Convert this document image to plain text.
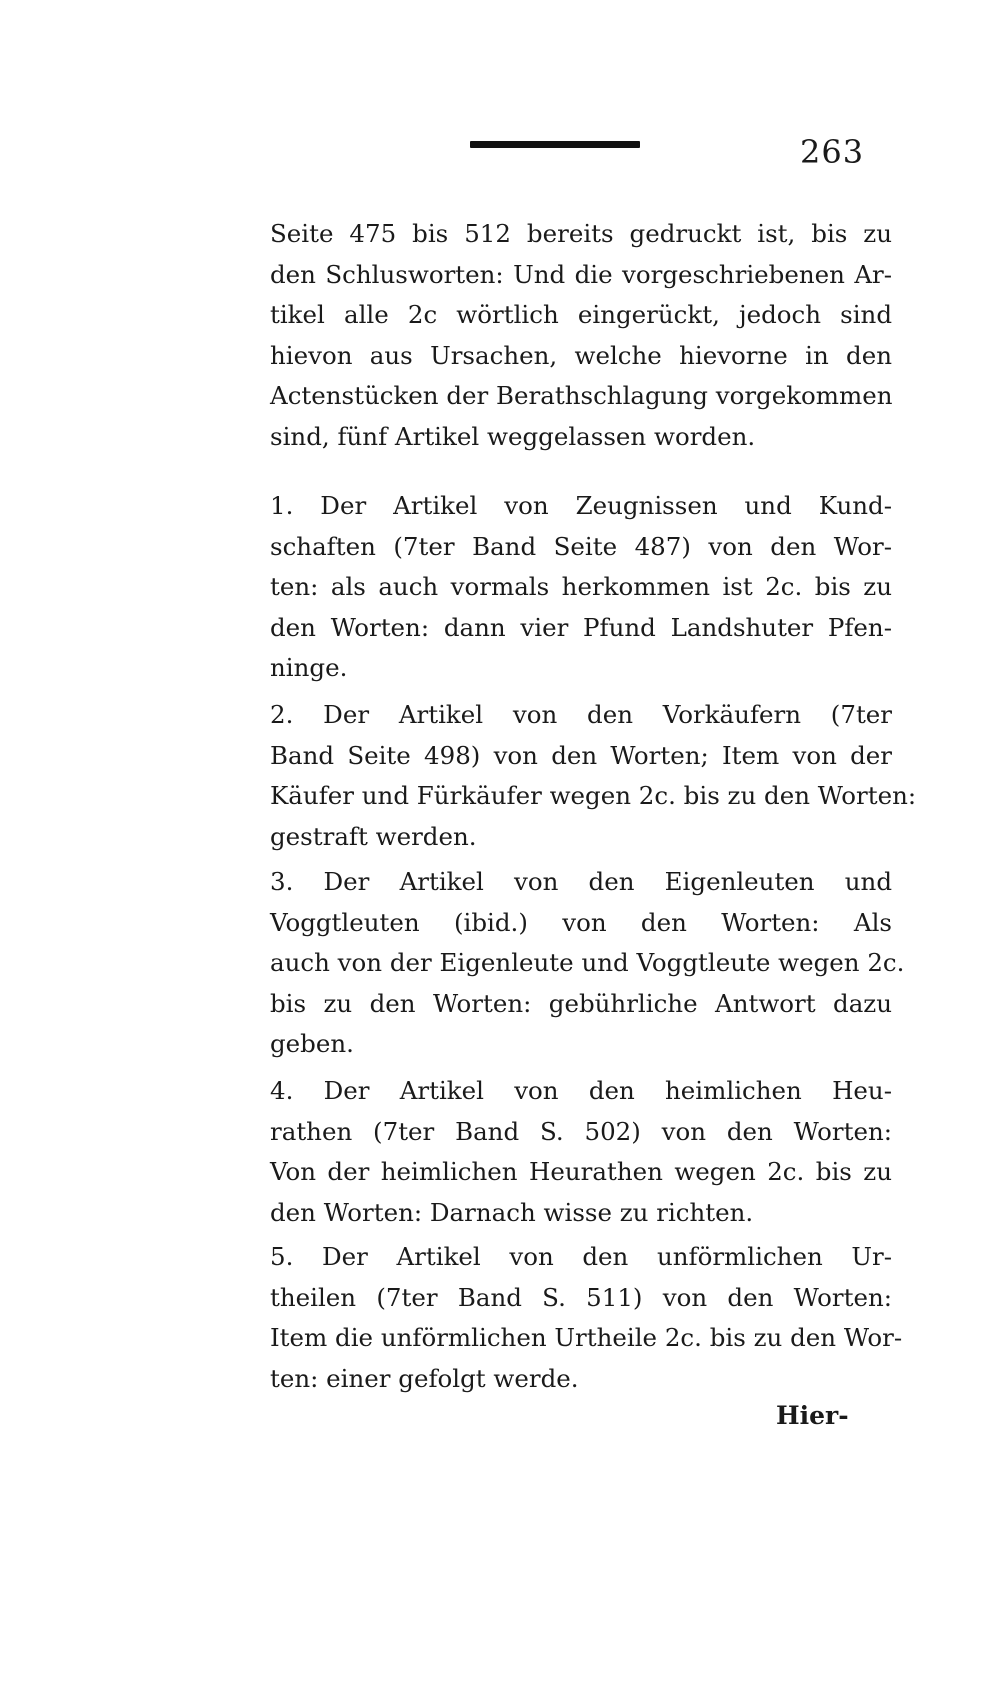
263
Seite 475 bis 512 bereits gedruckt ist, bis zu
den Schlusworten: Und die vorgeschriebenen Ar-
tikel alle 2c wörtlich eingerückt, jedoch sind
hievon aus Ursachen, welche hievorne in den
Actenstücken der Berathschlagung vorgekommen
sind, fünf Artikel weggelassen worden.
1. Der Artikel von Zeugnissen und Kund-
schaften (7ter Band Seite 487) von den Wor-
ten: als auch vormals herkommen ist 2c. bis zu
den Worten: dann vier Pfund Landshuter Pfen-
ninge.
2. Der Artikel von den Vorkäufern (7ter
Band Seite 498) von den Worten; Item von der
Käufer und Fürkäufer wegen 2c. bis zu den Worten:
gestraft werden.
3. Der Artikel von den Eigenleuten und
Voggtleuten (ibid.) von den Worten: Als
auch von der Eigenleute und Voggtleute wegen 2c.
bis zu den Worten: gebührliche Antwort dazu
geben.
4. Der Artikel von den heimlichen Heu-
rathen (7ter Band S. 502) von den Worten:
Von der heimlichen Heurathen wegen 2c. bis zu
den Worten: Darnach wisse zu richten.
5. Der Artikel von den unförmlichen Ur-
theilen (7ter Band S. 511) von den Worten:
Item die unförmlichen Urtheile 2c. bis zu den Wor-
ten: einer gefolgt werde.
Hier-
